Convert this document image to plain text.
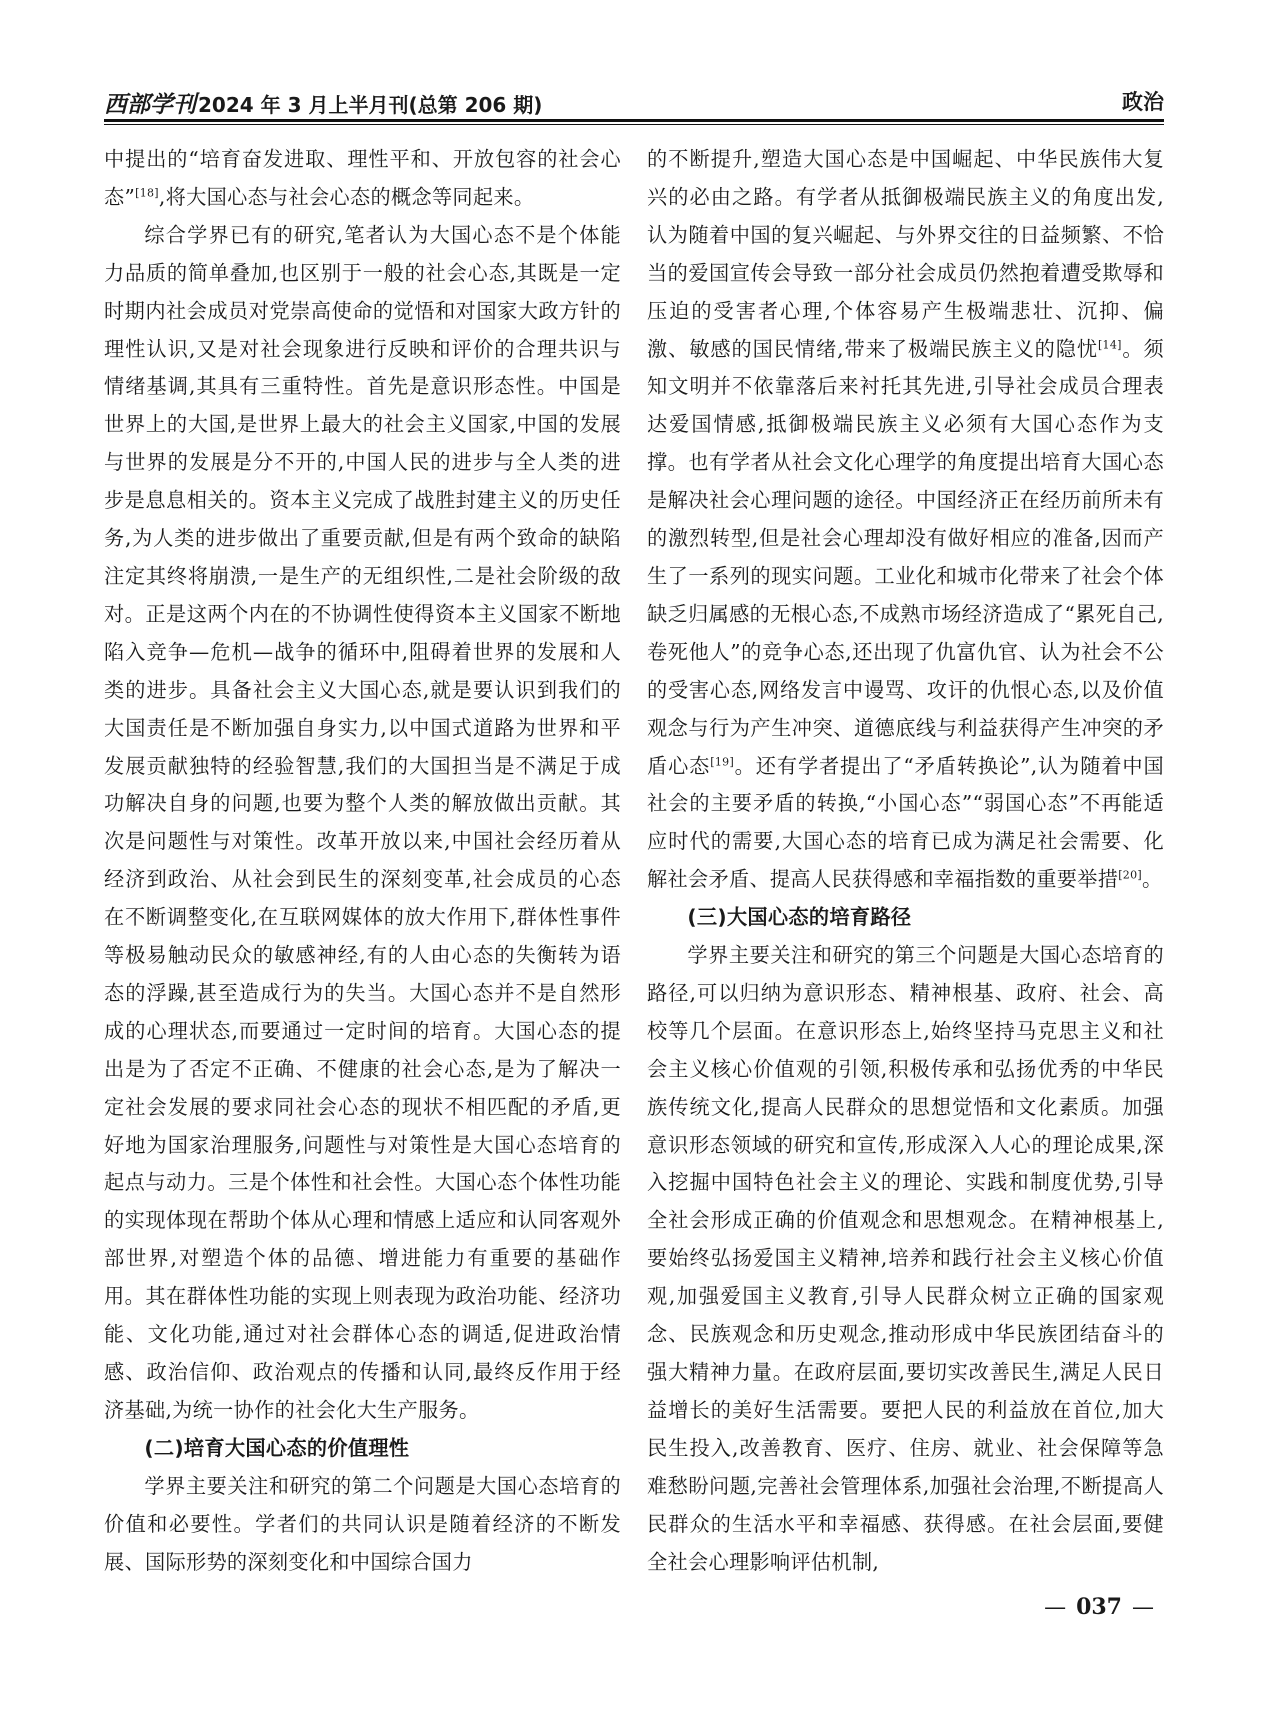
西部学刊 2024 年 3 月上半月刊(总第 206 期)	政治

中提出的“培育奋发进取、理性平和、开放包容的社会心态”[18],将大国心态与社会心态的概念等同起来。

综合学界已有的研究,笔者认为大国心态不是个体能力品质的简单叠加,也区别于一般的社会心态,其既是一定时期内社会成员对党崇高使命的觉悟和对国家大政方针的理性认识,又是对社会现象进行反映和评价的合理共识与情绪基调,其具有三重特性。首先是意识形态性。中国是世界上的大国,是世界上最大的社会主义国家,中国的发展与世界的发展是分不开的,中国人民的进步与全人类的进步是息息相关的。资本主义完成了战胜封建主义的历史任务,为人类的进步做出了重要贡献,但是有两个致命的缺陷注定其终将崩溃,一是生产的无组织性,二是社会阶级的敌对。正是这两个内在的不协调性使得资本主义国家不断地陷入竞争—危机—战争的循环中,阻碍着世界的发展和人类的进步。具备社会主义大国心态,就是要认识到我们的大国责任是不断加强自身实力,以中国式道路为世界和平发展贡献独特的经验智慧,我们的大国担当是不满足于成功解决自身的问题,也要为整个人类的解放做出贡献。其次是问题性与对策性。改革开放以来,中国社会经历着从经济到政治、从社会到民生的深刻变革,社会成员的心态在不断调整变化,在互联网媒体的放大作用下,群体性事件等极易触动民众的敏感神经,有的人由心态的失衡转为语态的浮躁,甚至造成行为的失当。大国心态并不是自然形成的心理状态,而要通过一定时间的培育。大国心态的提出是为了否定不正确、不健康的社会心态,是为了解决一定社会发展的要求同社会心态的现状不相匹配的矛盾,更好地为国家治理服务,问题性与对策性是大国心态培育的起点与动力。三是个体性和社会性。大国心态个体性功能的实现体现在帮助个体从心理和情感上适应和认同客观外部世界,对塑造个体的品德、增进能力有重要的基础作用。其在群体性功能的实现上则表现为政治功能、经济功能、文化功能,通过对社会群体心态的调适,促进政治情感、政治信仰、政治观点的传播和认同,最终反作用于经济基础,为统一协作的社会化大生产服务。

(二)培育大国心态的价值理性

学界主要关注和研究的第二个问题是大国心态培育的价值和必要性。学者们的共同认识是随着经济的不断发展、国际形势的深刻变化和中国综合国力

的不断提升,塑造大国心态是中国崛起、中华民族伟大复兴的必由之路。有学者从抵御极端民族主义的角度出发,认为随着中国的复兴崛起、与外界交往的日益频繁、不恰当的爱国宣传会导致一部分社会成员仍然抱着遭受欺辱和压迫的受害者心理,个体容易产生极端悲壮、沉抑、偏激、敏感的国民情绪,带来了极端民族主义的隐忧[14]。须知文明并不依靠落后来衬托其先进,引导社会成员合理表达爱国情感,抵御极端民族主义必须有大国心态作为支撑。也有学者从社会文化心理学的角度提出培育大国心态是解决社会心理问题的途径。中国经济正在经历前所未有的激烈转型,但是社会心理却没有做好相应的准备,因而产生了一系列的现实问题。工业化和城市化带来了社会个体缺乏归属感的无根心态,不成熟市场经济造成了“累死自己,卷死他人”的竞争心态,还出现了仇富仇官、认为社会不公的受害心态,网络发言中谩骂、攻讦的仇恨心态,以及价值观念与行为产生冲突、道德底线与利益获得产生冲突的矛盾心态[19]。还有学者提出了“矛盾转换论”,认为随着中国社会的主要矛盾的转换,“小国心态”“弱国心态”不再能适应时代的需要,大国心态的培育已成为满足社会需要、化解社会矛盾、提高人民获得感和幸福指数的重要举措[20]。

(三)大国心态的培育路径

学界主要关注和研究的第三个问题是大国心态培育的路径,可以归纳为意识形态、精神根基、政府、社会、高校等几个层面。在意识形态上,始终坚持马克思主义和社会主义核心价值观的引领,积极传承和弘扬优秀的中华民族传统文化,提高人民群众的思想觉悟和文化素质。加强意识形态领域的研究和宣传,形成深入人心的理论成果,深入挖掘中国特色社会主义的理论、实践和制度优势,引导全社会形成正确的价值观念和思想观念。在精神根基上,要始终弘扬爱国主义精神,培养和践行社会主义核心价值观,加强爱国主义教育,引导人民群众树立正确的国家观念、民族观念和历史观念,推动形成中华民族团结奋斗的强大精神力量。在政府层面,要切实改善民生,满足人民日益增长的美好生活需要。要把人民的利益放在首位,加大民生投入,改善教育、医疗、住房、就业、社会保障等急难愁盼问题,完善社会管理体系,加强社会治理,不断提高人民群众的生活水平和幸福感、获得感。在社会层面,要健全社会心理影响评估机制,

— 037 —
